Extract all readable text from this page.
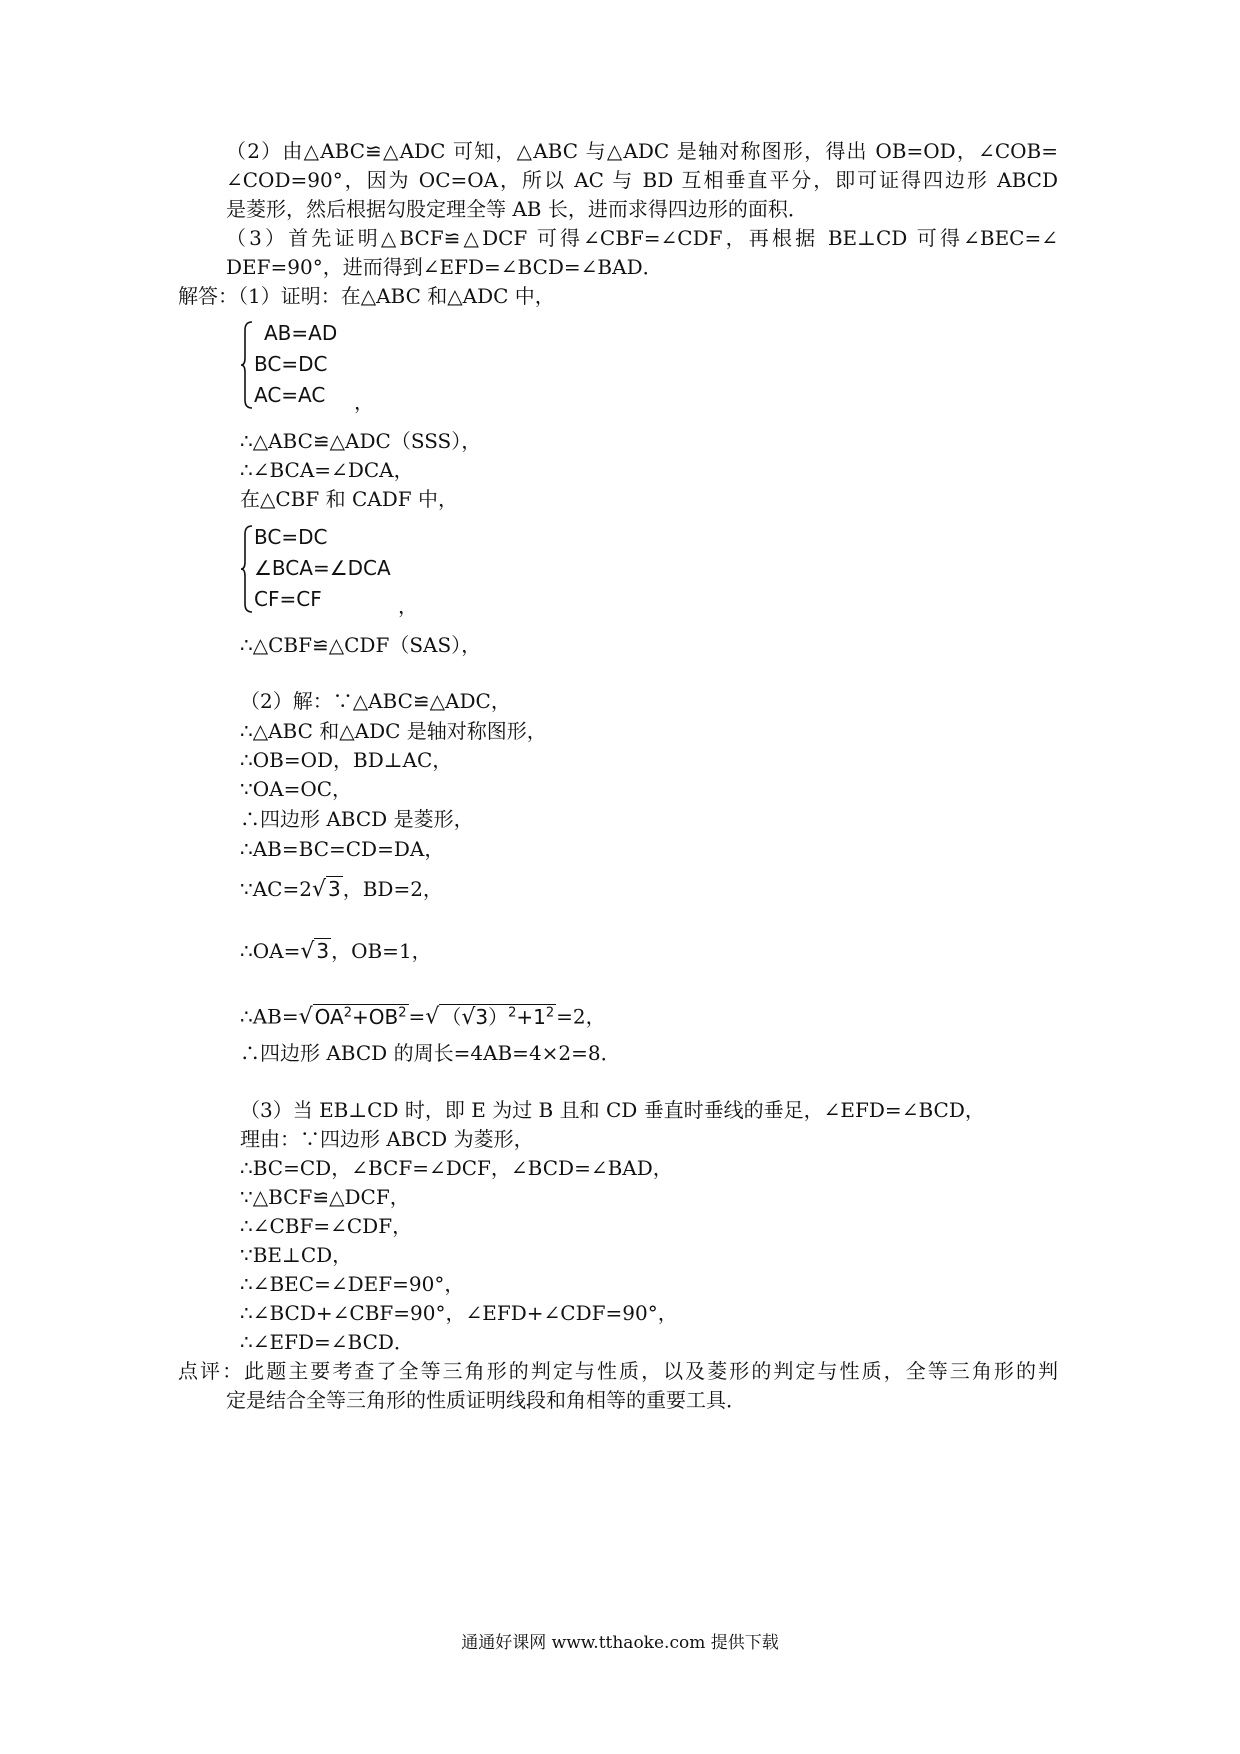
（2）由△ABC≌△ADC 可知，△ABC 与△ADC 是轴对称图形，得出 OB=OD，∠COB=
∠COD=90°，因为 OC=OA，所以 AC 与 BD 互相垂直平分，即可证得四边形 ABCD
是菱形，然后根据勾股定理全等 AB 长，进而求得四边形的面积．
（3）首先证明△BCF≌△DCF 可得∠CBF=∠CDF，再根据 BE⊥CD 可得∠BEC=∠
DEF=90°，进而得到∠EFD=∠BCD=∠BAD．
解答：（1）证明：在△ABC 和△ADC 中，
AB=AD
BC=DC
AC=AC ，
∴△ABC≌△ADC（SSS），
∴∠BCA=∠DCA，
在△CBF 和 CADF 中，
BC=DC
∠BCA=∠DCA
CF=CF	，
∴△CBF≌△CDF（SAS），
（2）解：∵△ABC≌△ADC，
∴△ABC 和△ADC 是轴对称图形，
∴OB=OD，BD⊥AC，
∵OA=OC，
∴四边形 ABCD 是菱形，
∴AB=BC=CD=DA，
∵AC=2√ 3 ，BD=2，
∴OA=√ 3 ，OB=1，
∴AB=√ $OA^2+OB^2$ =√ $(√3)^2+1^2 =2$，
∴四边形 ABCD 的周长=4AB=4×2=8．
（3）当 EB⊥CD 时，即 E 为过 B 且和 CD 垂直时垂线的垂足，∠EFD=∠BCD，
理由：∵四边形 ABCD 为菱形，
∴BC=CD，∠BCF=∠DCF，∠BCD=∠BAD，
∵△BCF≌△DCF，
∴∠CBF=∠CDF，
∵BE⊥CD，
∴∠BEC=∠DEF=90°，
∴∠BCD+∠CBF=90°，∠EFD+∠CDF=90°，
∴∠EFD=∠BCD．
点评：此题主要考查了全等三角形的判定与性质，以及菱形的判定与性质，全等三角形的判
定是结合全等三角形的性质证明线段和角相等的重要工具．
通通好课网 www.tthaoke.com 提供下载
